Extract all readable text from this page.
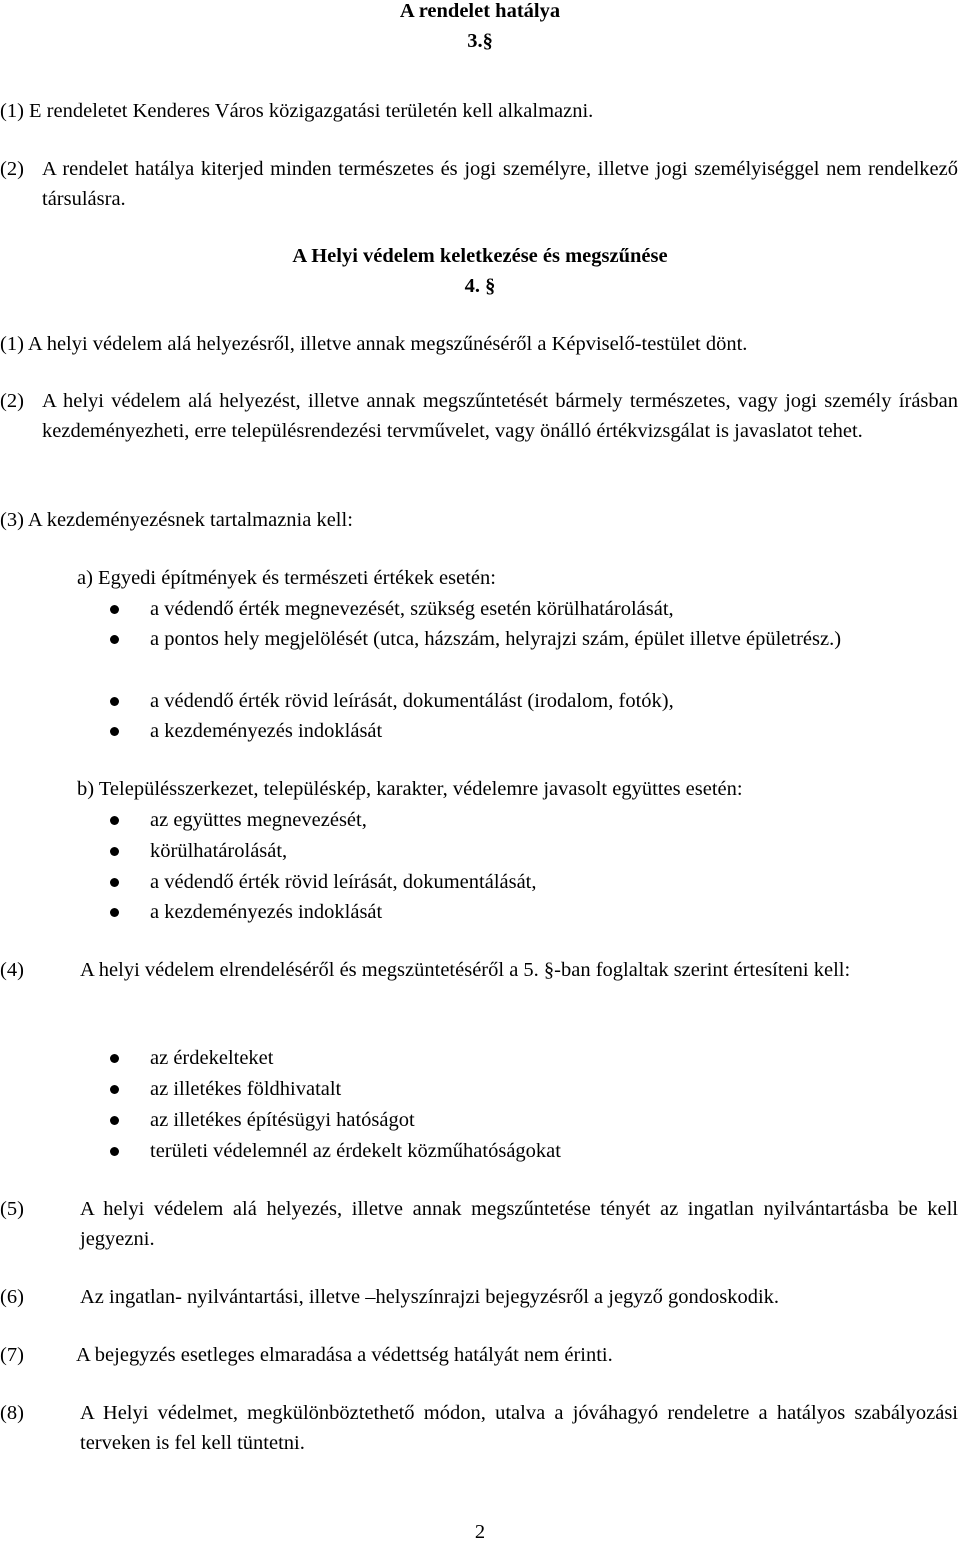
A rendelet hatálya

3.§

(1) E rendeletet Kenderes Város közigazgatási területén kell alkalmazni.

(2) A rendelet hatálya kiterjed minden természetes és jogi személyre, illetve jogi személyiséggel nem rendelkező társulásra.

A Helyi védelem keletkezése és megszűnése

4. §

(1) A helyi védelem alá helyezésről, illetve annak megszűnéséről a Képviselő-testület dönt.

(2) A helyi védelem alá helyezést, illetve annak megszűntetését bármely természetes, vagy jogi személy írásban kezdeményezheti, erre településrendezési tervművelet, vagy önálló értékvizsgálat is javaslatot tehet.

(3) A kezdeményezésnek tartalmaznia kell:

a) Egyedi építmények és természeti értékek esetén:

a védendő érték megnevezését, szükség esetén körülhatárolását,
a pontos hely megjelölését (utca, házszám, helyrajzi szám, épület illetve épületrész.)
a védendő érték rövid leírását, dokumentálást (irodalom, fotók),
a kezdeményezés indoklását

b) Településszerkezet, településkép, karakter, védelemre javasolt együttes esetén:

az együttes megnevezését,
körülhatárolását,
a védendő érték rövid leírását, dokumentálását,
a kezdeményezés indoklását
(4)	A helyi védelem elrendeléséről és megszüntetéséről a 5. §-ban foglaltak szerint értesíteni kell:
az érdekelteket
az illetékes földhivatalt
az illetékes építésügyi hatóságot
területi védelemnél az érdekelt közműhatóságokat
(5)	A helyi védelem alá helyezés, illetve annak megszűntetése tényét az ingatlan nyilvántartásba be kell jegyezni.
(6)	Az ingatlan- nyilvántartási, illetve –helyszínrajzi bejegyzésről a jegyző gondoskodik.
(7)	A bejegyzés esetleges elmaradása a védettség hatályát nem érinti.
(8)	A Helyi védelmet, megkülönböztethető módon, utalva a jóváhagyó rendeletre a hatályos szabályozási terveken is fel kell tüntetni.

2
